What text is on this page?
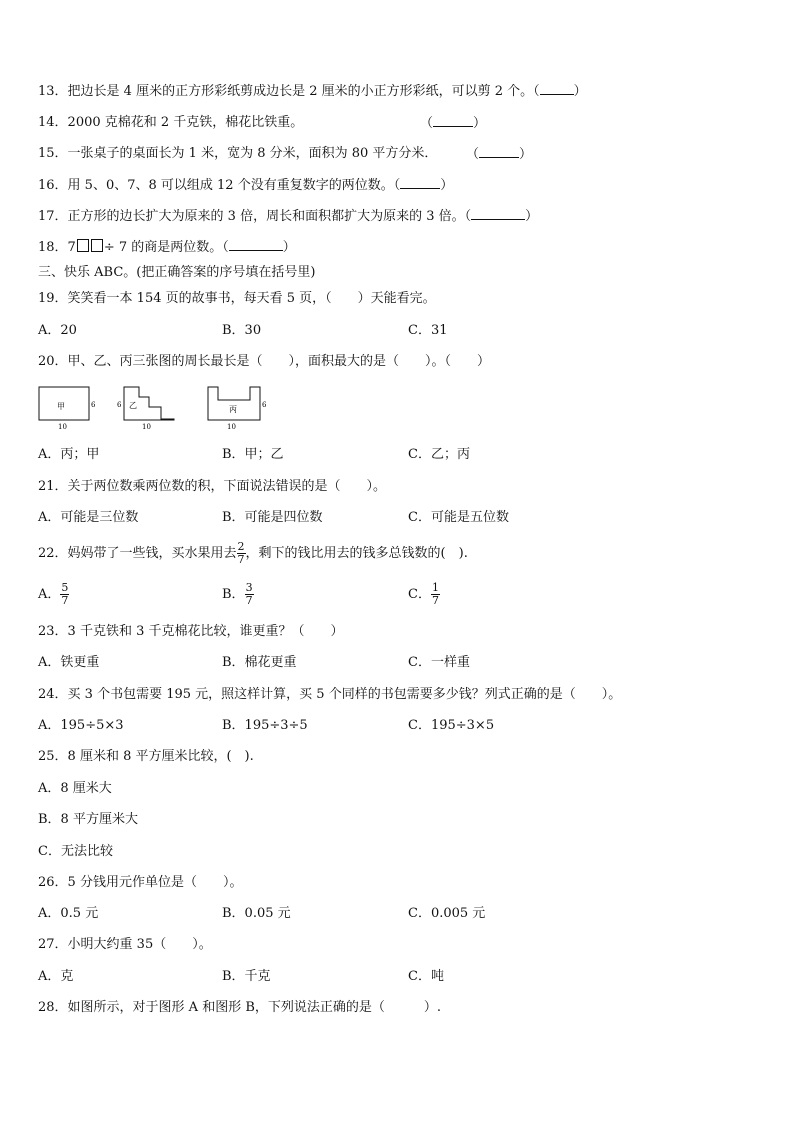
13．把边长是 4 厘米的正方形彩纸剪成边长是 2 厘米的小正方形彩纸，可以剪 2 个。（	）
14．2000 克棉花和 2 千克铁，棉花比铁重。	（	）
15．一张桌子的桌面长为 1 米，宽为 8 分米，面积为 80 平方分米． （	）
16．用 5、0、7、8 可以组成 12 个没有重复数字的两位数。（	）
17．正方形的边长扩大为原来的 3 倍，周长和面积都扩大为原来的 3 倍。（	）
18．7 ÷ 7 的商是两位数。（	）
三、快乐 ABC。(把正确答案的序号填在括号里)
19．笑笑看一本 154 页的故事书，每天看 5 页，（　　）天能看完。
A．20	B．30	C．31
20．甲、乙、丙三张图的周长最长是（　　），面积最大的是（　　）。（　　）
甲	6
10
乙
6
10
丙	6
10
A．丙；甲	B．甲；乙	C．乙；丙
21．关于两位数乘两位数的积，下面说法错误的是（　　）。
A．可能是三位数	B．可能是四位数	C．可能是五位数
22．妈妈带了一些钱，买水果用去 $\frac{2}{7}$ ，剩下的钱比用去的钱多总钱数的(　).
A． $\frac{5}{7}$	B． $\frac{3}{7}$	C． $\frac{1}{7}$
23．3 千克铁和 3 千克棉花比较，谁更重？（　　）
A．铁更重	B．棉花更重	C．一样重
24．买 3 个书包需要 195 元，照这样计算，买 5 个同样的书包需要多少钱？列式正确的是（　　）。
A．195÷5×3	B．195÷3÷5	C．195÷3×5
25．8 厘米和 8 平方厘米比较，(　).
A．8 厘米大
B．8 平方厘米大
C．无法比较
26．5 分钱用元作单位是（　　）。
A．0.5 元	B．0.05 元	C．0.005 元
27．小明大约重 35（　　）。
A．克	B．千克	C．吨
28．如图所示，对于图形 A 和图形 B，下列说法正确的是（　　　）.
